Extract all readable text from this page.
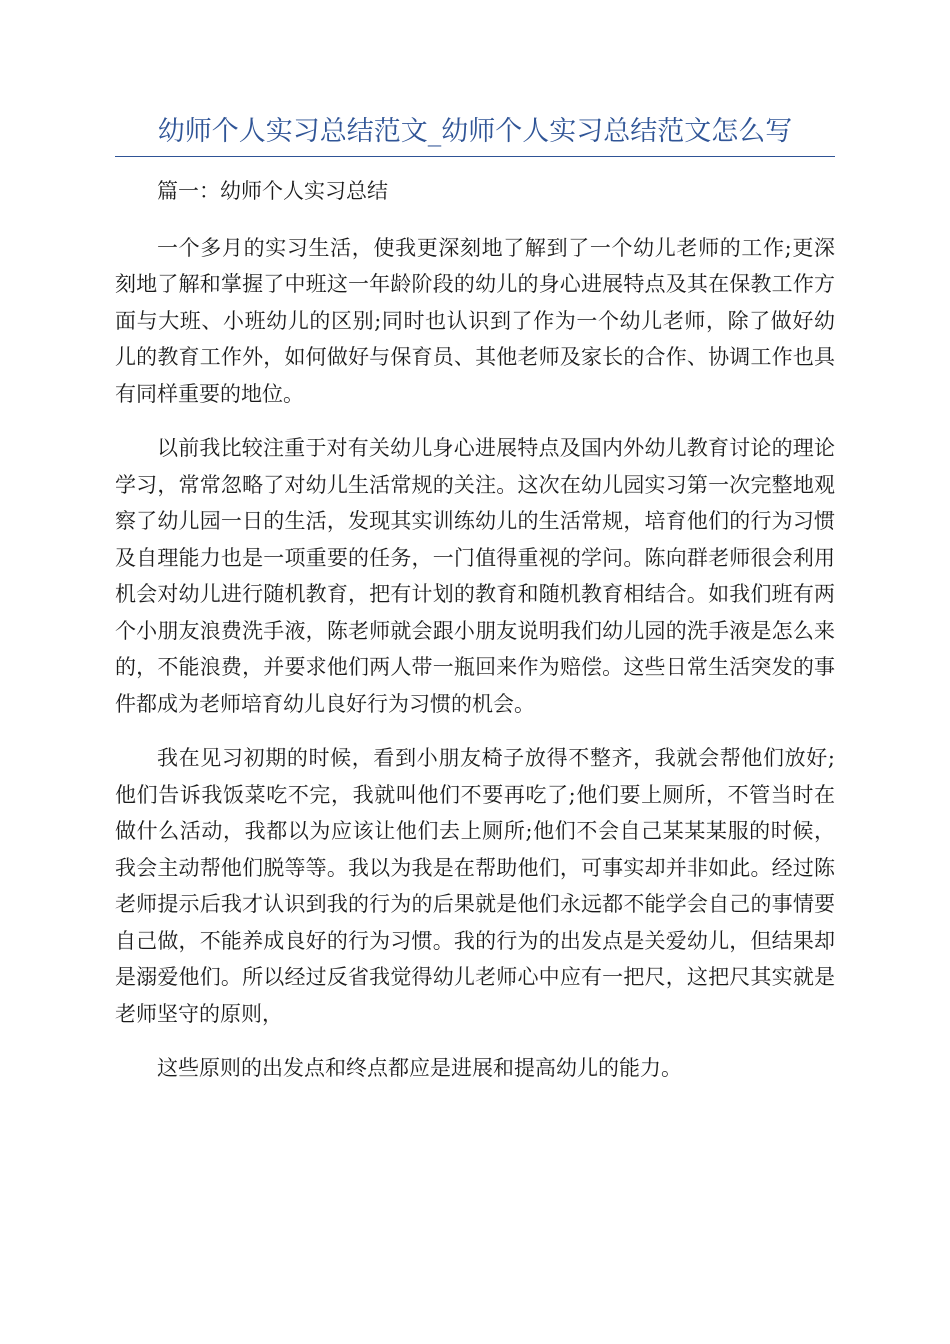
幼师个人实习总结范文_幼师个人实习总结范文怎么写

篇一：幼师个人实习总结

一个多月的实习生活，使我更深刻地了解到了一个幼儿老师的工作;更深刻地了解和掌握了中班这一年龄阶段的幼儿的身心进展特点及其在保教工作方面与大班、小班幼儿的区别;同时也认识到了作为一个幼儿老师，除了做好幼儿的教育工作外，如何做好与保育员、其他老师及家长的合作、协调工作也具有同样重要的地位。

以前我比较注重于对有关幼儿身心进展特点及国内外幼儿教育讨论的理论学习，常常忽略了对幼儿生活常规的关注。这次在幼儿园实习第一次完整地观察了幼儿园一日的生活，发现其实训练幼儿的生活常规，培育他们的行为习惯及自理能力也是一项重要的任务，一门值得重视的学问。陈向群老师很会利用机会对幼儿进行随机教育，把有计划的教育和随机教育相结合。如我们班有两个小朋友浪费洗手液，陈老师就会跟小朋友说明我们幼儿园的洗手液是怎么来的，不能浪费，并要求他们两人带一瓶回来作为赔偿。这些日常生活突发的事件都成为老师培育幼儿良好行为习惯的机会。

我在见习初期的时候，看到小朋友椅子放得不整齐，我就会帮他们放好;他们告诉我饭菜吃不完，我就叫他们不要再吃了;他们要上厕所，不管当时在做什么活动，我都以为应该让他们去上厕所;他们不会自己某某某服的时候，我会主动帮他们脱等等。我以为我是在帮助他们，可事实却并非如此。经过陈老师提示后我才认识到我的行为的后果就是他们永远都不能学会自己的事情要自己做，不能养成良好的行为习惯。我的行为的出发点是关爱幼儿，但结果却是溺爱他们。所以经过反省我觉得幼儿老师心中应有一把尺，这把尺其实就是老师坚守的原则，

这些原则的出发点和终点都应是进展和提高幼儿的能力。
